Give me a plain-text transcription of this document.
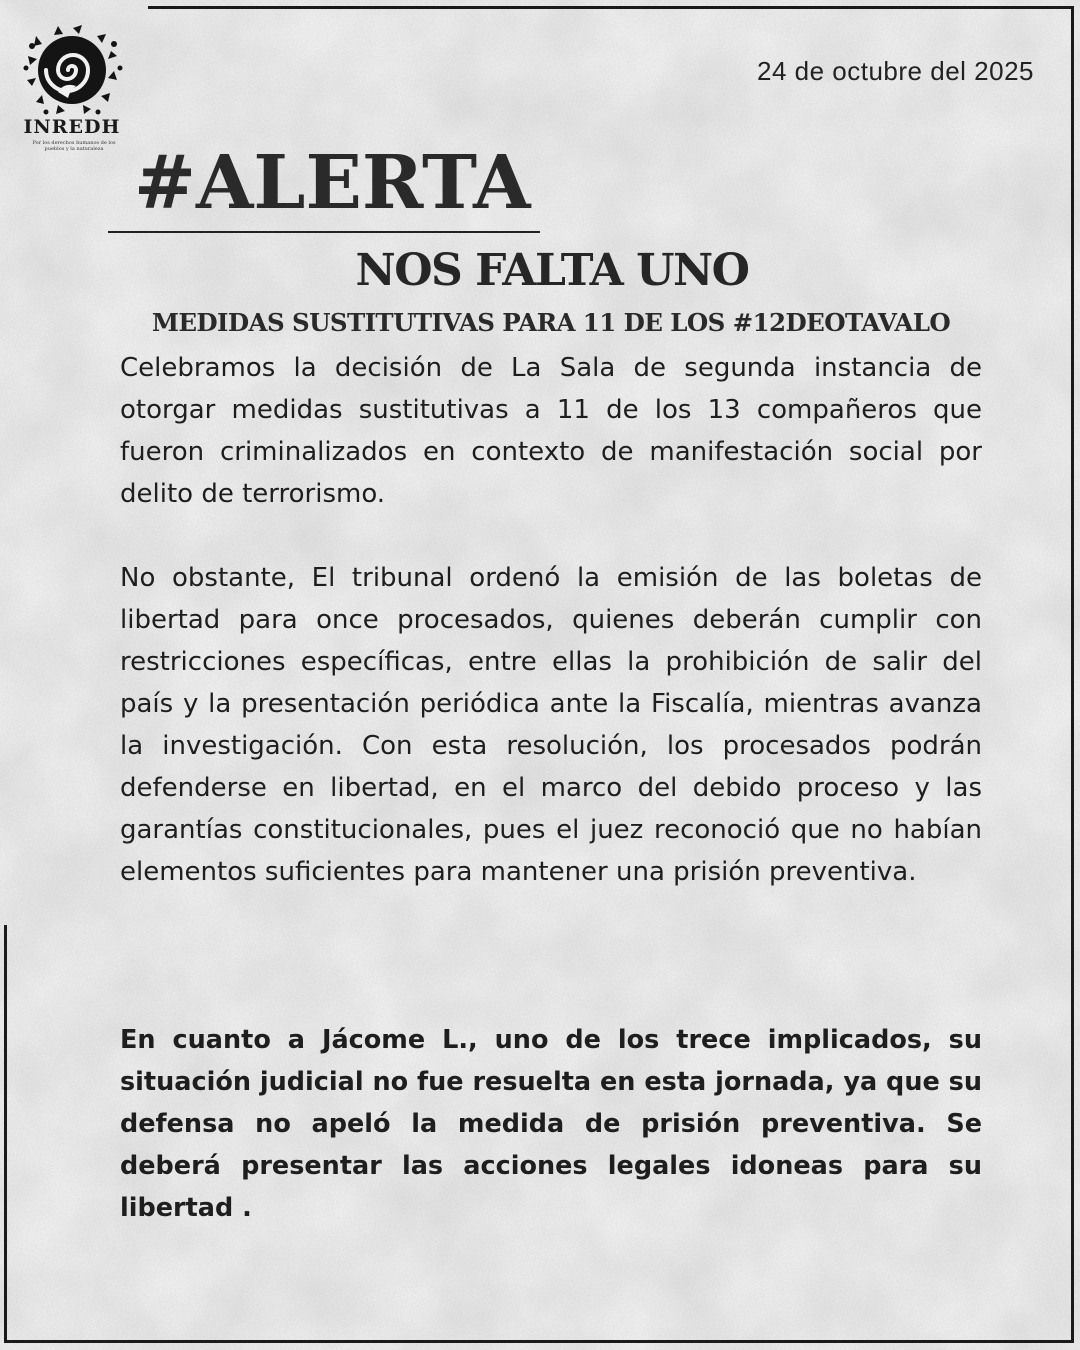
INREDH
Por los derechos humanos de los pueblos y la naturaleza
24 de octubre del 2025
#ALERTA
NOS FALTA UNO
MEDIDAS SUSTITUTIVAS PARA 11 DE LOS #12DEOTAVALO
Celebramos la decisión de La Sala de segunda instancia de otorgar medidas sustitutivas a 11 de los 13 compañeros que fueron criminalizados en contexto de manifestación social por delito de terrorismo.
No obstante, El tribunal ordenó la emisión de las boletas de libertad para once procesados, quienes deberán cumplir con restricciones específicas, entre ellas la prohibición de salir del país y la presentación periódica ante la Fiscalía, mientras avanza la investigación. Con esta resolución, los procesados podrán defenderse en libertad, en el marco del debido proceso y las garantías constitucionales, pues el juez reconoció que no habían elementos suficientes para mantener una prisión preventiva.
En cuanto a Jácome L., uno de los trece implicados, su situación judicial no fue resuelta en esta jornada, ya que su defensa no apeló la medida de prisión preventiva. Se deberá presentar las acciones legales idoneas para su libertad .
